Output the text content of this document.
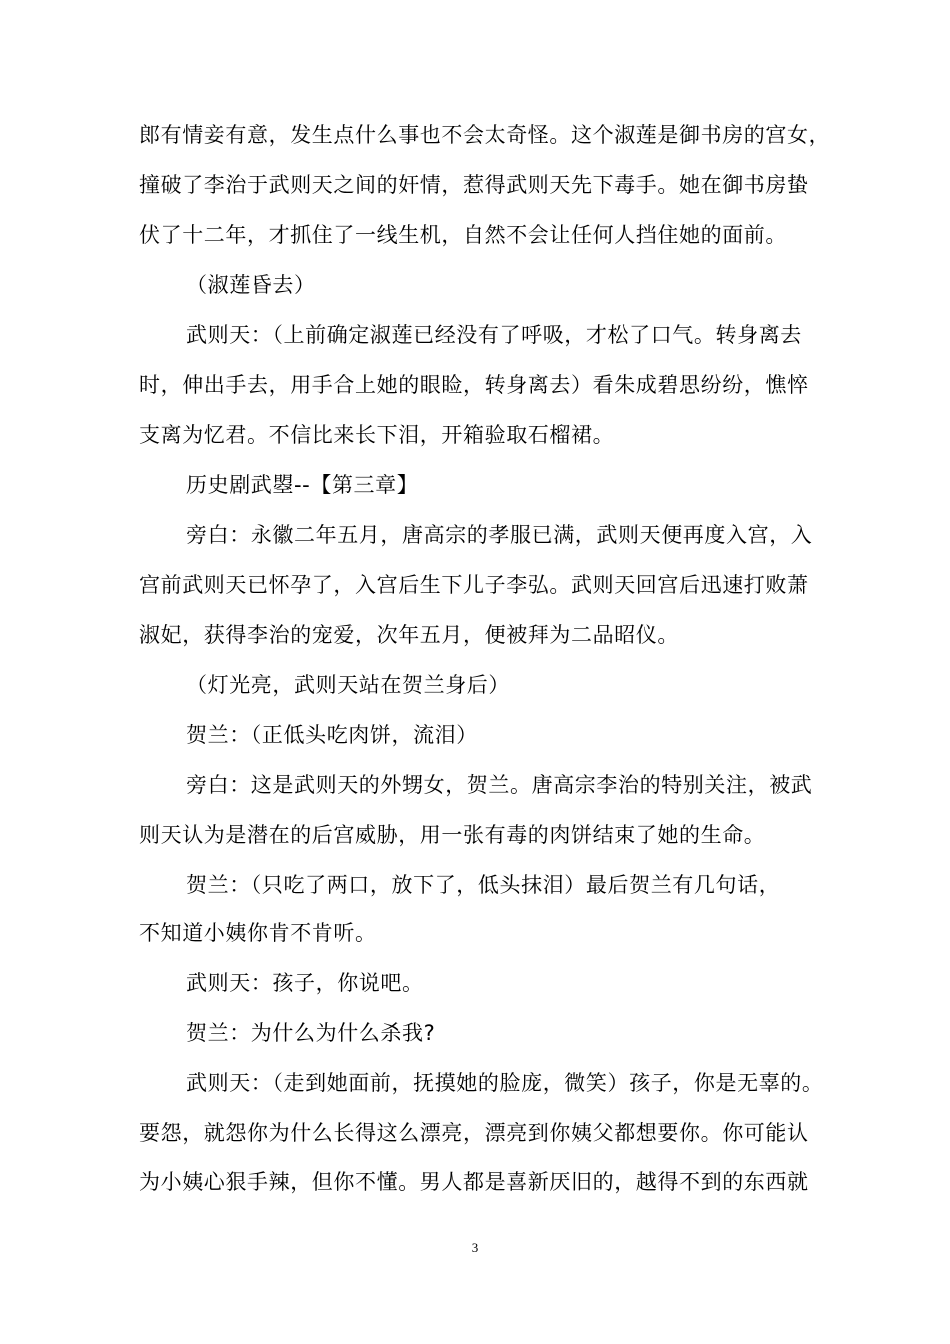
郎有情妾有意，发生点什么事也不会太奇怪。这个淑莲是御书房的宫女，
撞破了李治于武则天之间的奸情，惹得武则天先下毒手。她在御书房蛰
伏了十二年，才抓住了一线生机，自然不会让任何人挡住她的面前。
（淑莲昏去）
武则天：（上前确定淑莲已经没有了呼吸，才松了口气。转身离去
时，伸出手去，用手合上她的眼睑，转身离去）看朱成碧思纷纷，憔悴
支离为忆君。不信比来长下泪，开箱验取石榴裙。
历史剧武曌--【第三章】
旁白：永徽二年五月，唐高宗的孝服已满，武则天便再度入宫，入
宫前武则天已怀孕了，入宫后生下儿子李弘。武则天回宫后迅速打败萧
淑妃，获得李治的宠爱，次年五月，便被拜为二品昭仪。
（灯光亮，武则天站在贺兰身后）
贺兰：（正低头吃肉饼，流泪）
旁白：这是武则天的外甥女，贺兰。唐高宗李治的特别关注，被武
则天认为是潜在的后宫威胁，用一张有毒的肉饼结束了她的生命。
贺兰：（只吃了两口，放下了，低头抹泪）最后贺兰有几句话，
不知道小姨你肯不肯听。
武则天：孩子，你说吧。
贺兰：为什么为什么杀我?
武则天：（走到她面前，抚摸她的脸庞，微笑）孩子，你是无辜的。
要怨，就怨你为什么长得这么漂亮，漂亮到你姨父都想要你。你可能认
为小姨心狠手辣，但你不懂。男人都是喜新厌旧的，越得不到的东西就
3
